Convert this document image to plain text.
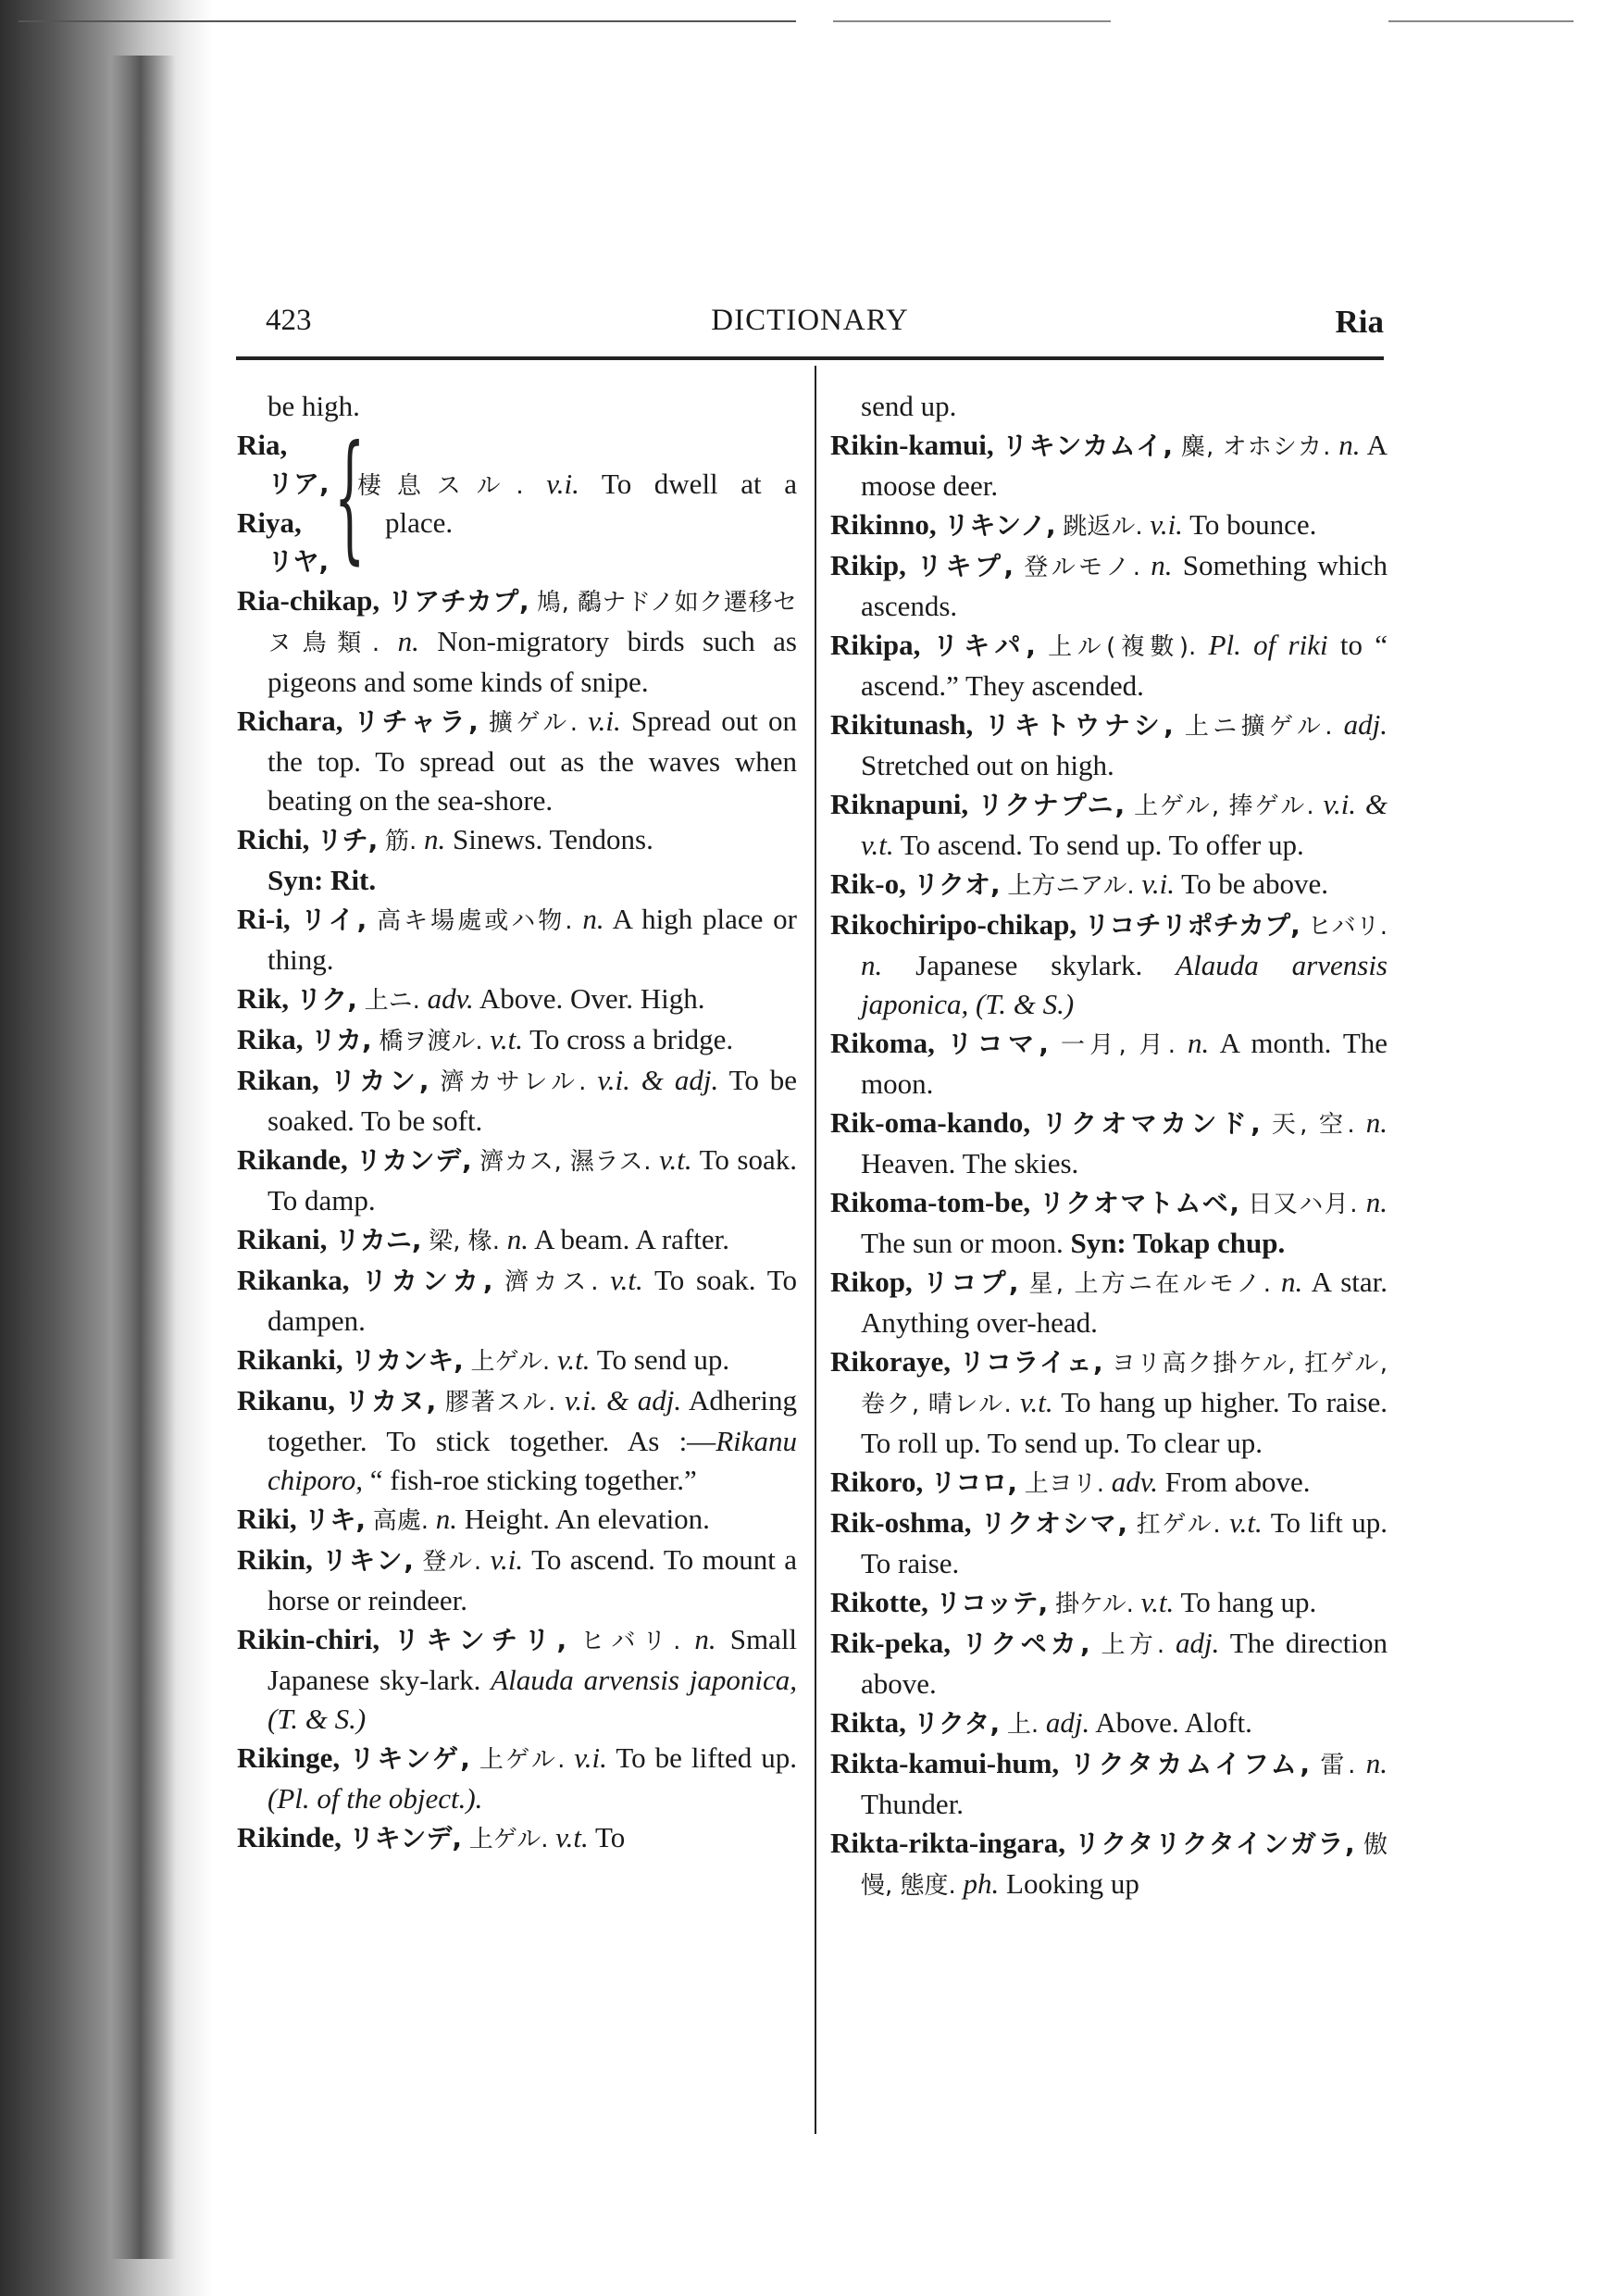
423	DICTIONARY	Ria

be high.

Ria,
リア,
Riya,
リヤ, {
棲息スル. v.i. To dwell at a
place.

Ria-chikap, リアチカプ, 鳩, 鷸ナドノ如ク遷移セヌ鳥類. n. Non-migratory birds such as pigeons and some kinds of snipe.

Richara, リチャラ, 擴ゲル. v.i. Spread out on the top. To spread out as the waves when beating on the sea-shore.

Richi, リチ, 筋. n. Sinews. Tendons.
Syn: Rit.

Ri-i, リイ, 高キ場處或ハ物. n. A high place or thing.

Rik, リク, 上ニ. adv. Above. Over. High.

Rika, リカ, 橋ヲ渡ル. v.t. To cross a bridge.

Rikan, リカン, 濟カサレル. v.i. & adj. To be soaked. To be soft.

Rikande, リカンデ, 濟カス, 濕ラス. v.t. To soak. To damp.

Rikani, リカニ, 梁, 椽. n. A beam. A rafter.

Rikanka, リカンカ, 濟カス. v.t. To soak. To dampen.

Rikanki, リカンキ, 上ゲル. v.t. To send up.

Rikanu, リカヌ, 膠著スル. v.i. & adj. Adhering together. To stick together. As :—Rikanu chiporo, “ fish-roe sticking together.”

Riki, リキ, 高處. n. Height. An elevation.

Rikin, リキン, 登ル. v.i. To ascend. To mount a horse or reindeer.

Rikin-chiri, リキンチリ, ヒバリ. n. Small Japanese sky-lark. Alauda arvensis japonica, (T. & S.)

Rikinge, リキンゲ, 上ゲル. v.i. To be lifted up. (Pl. of the object.).

Rikinde, リキンデ, 上ゲル. v.t. To

send up.

Rikin-kamui, リキンカムイ, 麋, オホシカ. n. A moose deer.

Rikinno, リキンノ, 跳返ル. v.i. To bounce.

Rikip, リキプ, 登ルモノ. n. Something which ascends.

Rikipa, リキパ, 上ル(複數). Pl. of riki to “ ascend.” They ascended.

Rikitunash, リキトウナシ, 上ニ擴ゲル. adj. Stretched out on high.

Riknapuni, リクナプニ, 上ゲル, 捧ゲル. v.i. & v.t. To ascend. To send up. To offer up.

Rik-o, リクオ, 上方ニアル. v.i. To be above.

Rikochiripo-chikap, リコチリポチカプ, ヒバリ. n. Japanese skylark. Alauda arvensis japonica, (T. & S.)

Rikoma, リコマ, 一月, 月. n. A month. The moon.

Rik-oma-kando, リクオマカンド, 天, 空. n. Heaven. The skies.

Rikoma-tom-be, リクオマトムベ, 日又ハ月. n. The sun or moon. Syn: Tokap chup.

Rikop, リコプ, 星, 上方ニ在ルモノ. n. A star. Anything over-head.

Rikoraye, リコライェ, ヨリ高ク掛ケル, 扛ゲル, 卷ク, 晴レル. v.t. To hang up higher. To raise. To roll up. To send up. To clear up.

Rikoro, リコロ, 上ヨリ. adv. From above.

Rik-oshma, リクオシマ, 扛ゲル. v.t. To lift up. To raise.

Rikotte, リコッテ, 掛ケル. v.t. To hang up.

Rik-peka, リクペカ, 上方. adj. The direction above.

Rikta, リクタ, 上. adj. Above. Aloft.

Rikta-kamui-hum, リクタカムイフム, 雷. n. Thunder.

Rikta-rikta-ingara, リクタリクタインガラ, 傲慢, 態度. ph. Looking up
